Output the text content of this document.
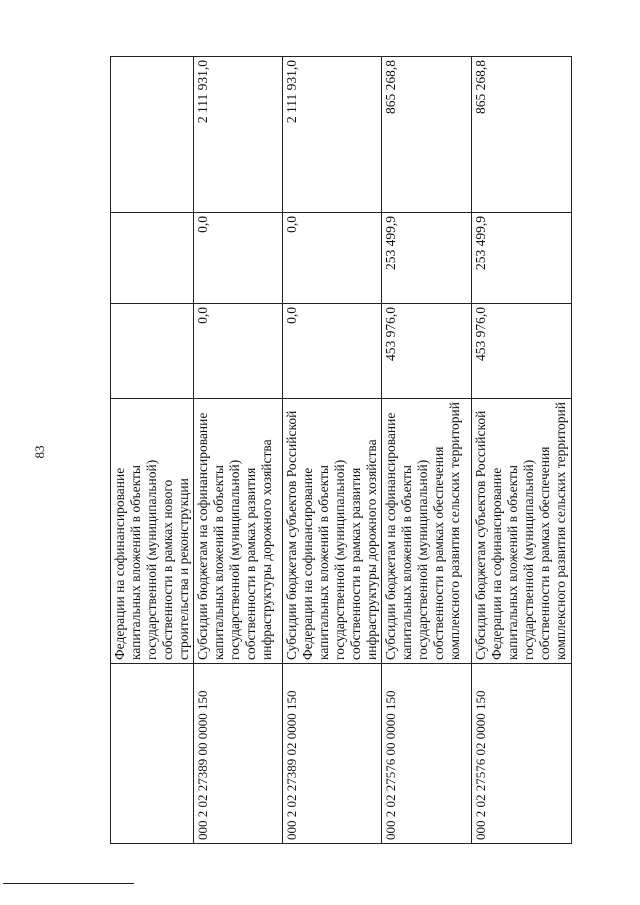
83
	Федерации на софинансирование капитальных вложений в объекты государственной (муниципальной) собственности в рамках нового строительства и реконструкции			
000 2 02 27389 00 0000 150	Субсидии бюджетам на софинансирование капитальных вложений в объекты государственной (муниципальной) собственности в рамках развития инфраструктуры дорожного хозяйства	0,0	0,0	2 111 931,0
000 2 02 27389 02 0000 150	Субсидии бюджетам субъектов Российской Федерации на софинансирование капитальных вложений в объекты государственной (муниципальной) собственности в рамках развития инфраструктуры дорожного хозяйства	0,0	0,0	2 111 931,0
000 2 02 27576 00 0000 150	Субсидии бюджетам на софинансирование капитальных вложений в объекты государственной (муниципальной) собственности в рамках обеспечения комплексного развития сельских территорий	453 976,0	253 499,9	865 268,8
000 2 02 27576 02 0000 150	Субсидии бюджетам субъектов Российской Федерации на софинансирование капитальных вложений в объекты государственной (муниципальной) собственности в рамках обеспечения комплексного развития сельских территорий	453 976,0	253 499,9	865 268,8
